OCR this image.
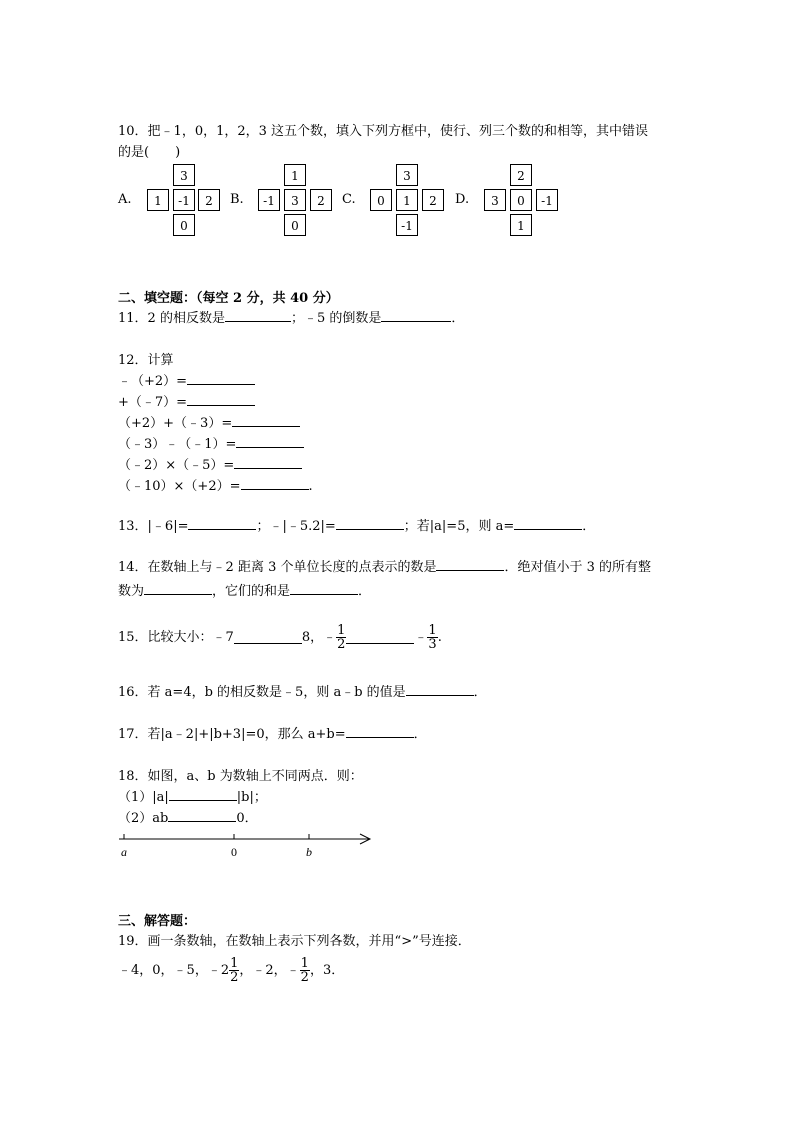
10．把﹣1，0，1，2，3 这五个数，填入下列方框中，使行、列三个数的和相等，其中错误
的是(　　)
A.
3
1	-1	2
0
B.
1
-1	3	2
0
C.
3
0	1	2
-1
D.
2
3	0	-1
1
二、填空题：（每空 2 分，共 40 分）
11．2 的相反数是	；﹣5 的倒数是	．
12．计算
﹣（+2）=
+（﹣7）=
（+2）+（﹣3）=
（﹣3）﹣（﹣1）=
（﹣2）×（﹣5）=
（﹣10）×（+2）=	.
13．|﹣6|=	；﹣|﹣5.2|=	；若|a|=5，则 a=	．
14．在数轴上与﹣2 距离 3 个单位长度的点表示的数是	．绝对值小于 3 的所有整
数为	，它们的和是	．
15．比较大小：﹣7	8，﹣ $\frac{1}{2}$	﹣ $\frac{1}{3}$ .
16．若 a=4，b 的相反数是﹣5，则 a﹣b 的值是	．
17．若|a﹣2|+|b+3|=0，那么 a+b=	．
18．如图，a、b 为数轴上不同两点．则：
（1）|a|	|b|；
（2）ab	0．
a	0	b
三、解答题：
19．画一条数轴，在数轴上表示下列各数，并用“>”号连接．
﹣4，0，﹣5，﹣2 $\frac{1}{2}$ ，﹣2，﹣ $\frac{1}{2}$ ，3．
